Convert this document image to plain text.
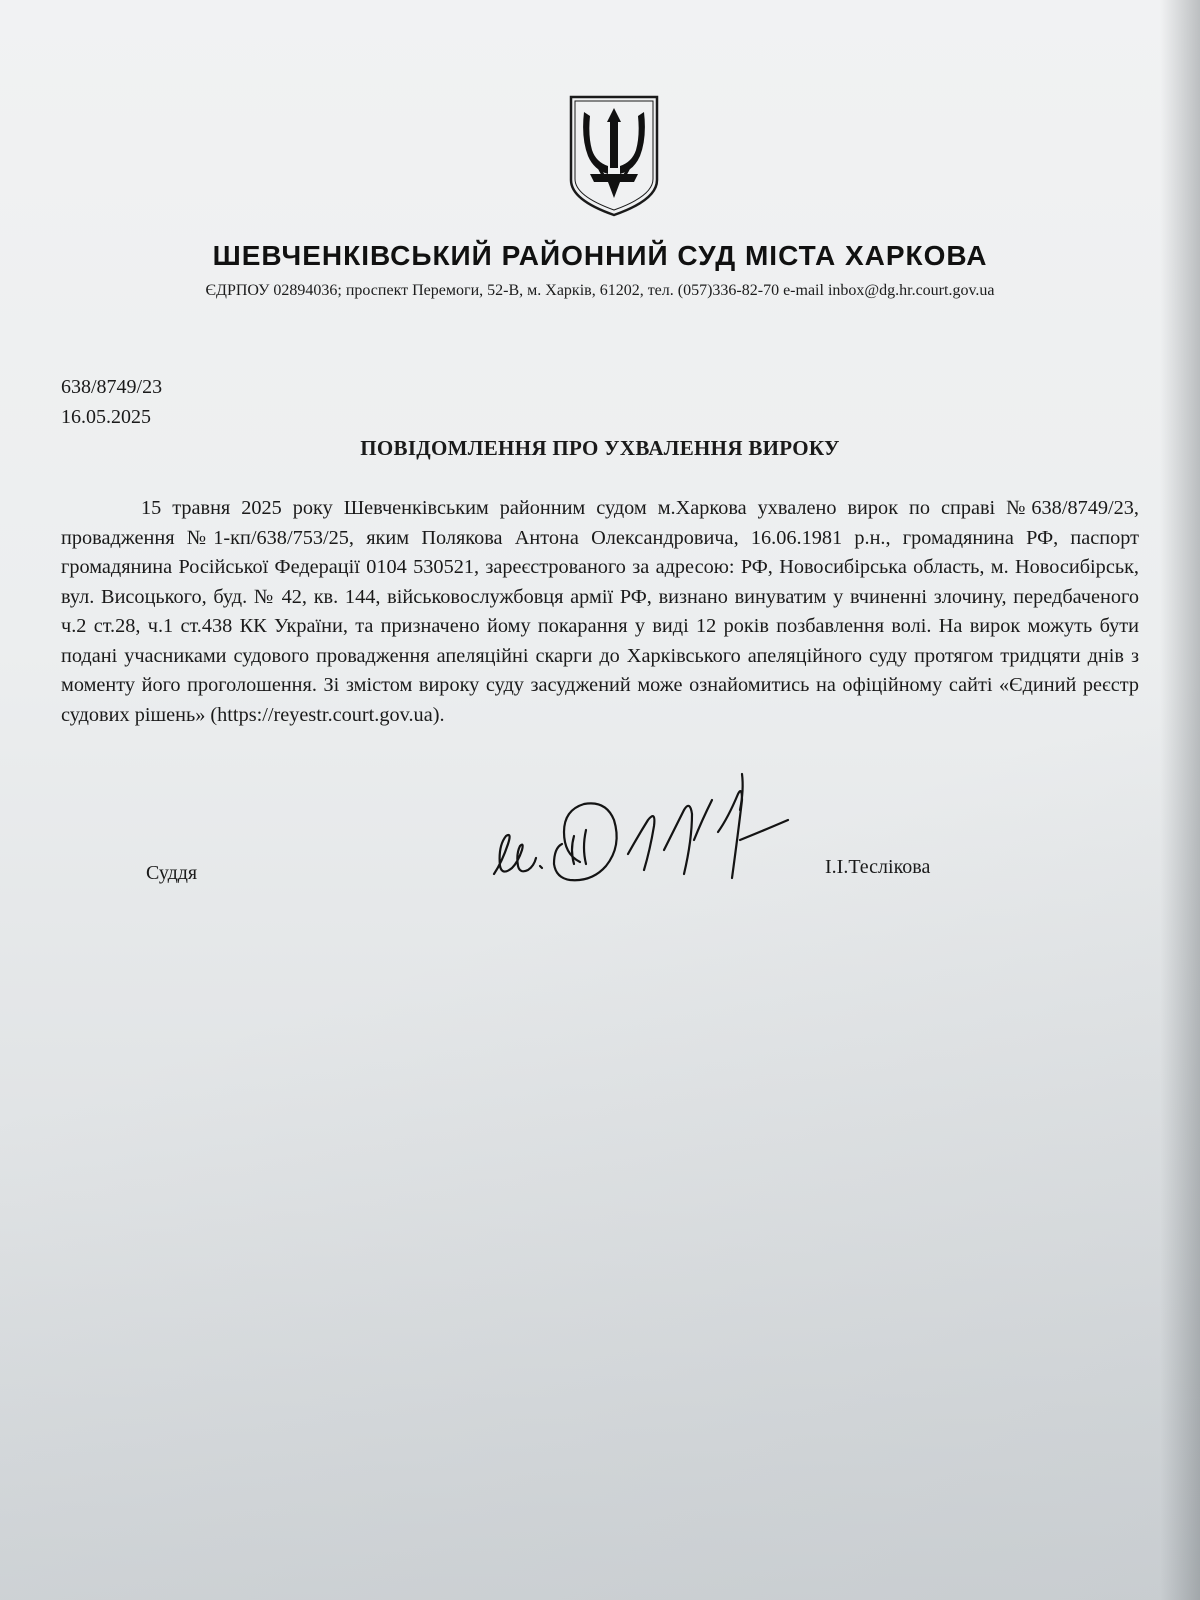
ШЕВЧЕНКІВСЬКИЙ РАЙОННИЙ СУД МІСТА ХАРКОВА
ЄДРПОУ 02894036; проспект Перемоги, 52-В, м. Харків, 61202, тел. (057)336-82-70 e-mail inbox@dg.hr.court.gov.ua
638/8749/23
16.05.2025
ПОВІДОМЛЕННЯ ПРО УХВАЛЕННЯ ВИРОКУ

15 травня 2025 року Шевченківським районним судом м.Харкова ухвалено вирок по справі №638/8749/23, провадження №1-кп/638/753/25, яким Полякова Антона Олександровича, 16.06.1981 р.н., громадянина РФ, паспорт громадянина Російської Федерації 0104 530521, зареєстрованого за адресою: РФ, Новосибірська область, м. Новосибірськ, вул. Висоцького, буд. № 42, кв. 144, військовослужбовця армії РФ, визнано винуватим у вчиненні злочину, передбаченого ч.2 ст.28, ч.1 ст.438 КК України, та призначено йому покарання у виді 12 років позбавлення волі. На вирок можуть бути подані учасниками судового провадження апеляційні скарги до Харківського апеляційного суду протягом тридцяти днів з моменту його проголошення. Зі змістом вироку суду засуджений може ознайомитись на офіційному сайті «Єдиний реєстр судових рішень» (https://reyestr.court.gov.ua).

Суддя	І.І.Теслікова
